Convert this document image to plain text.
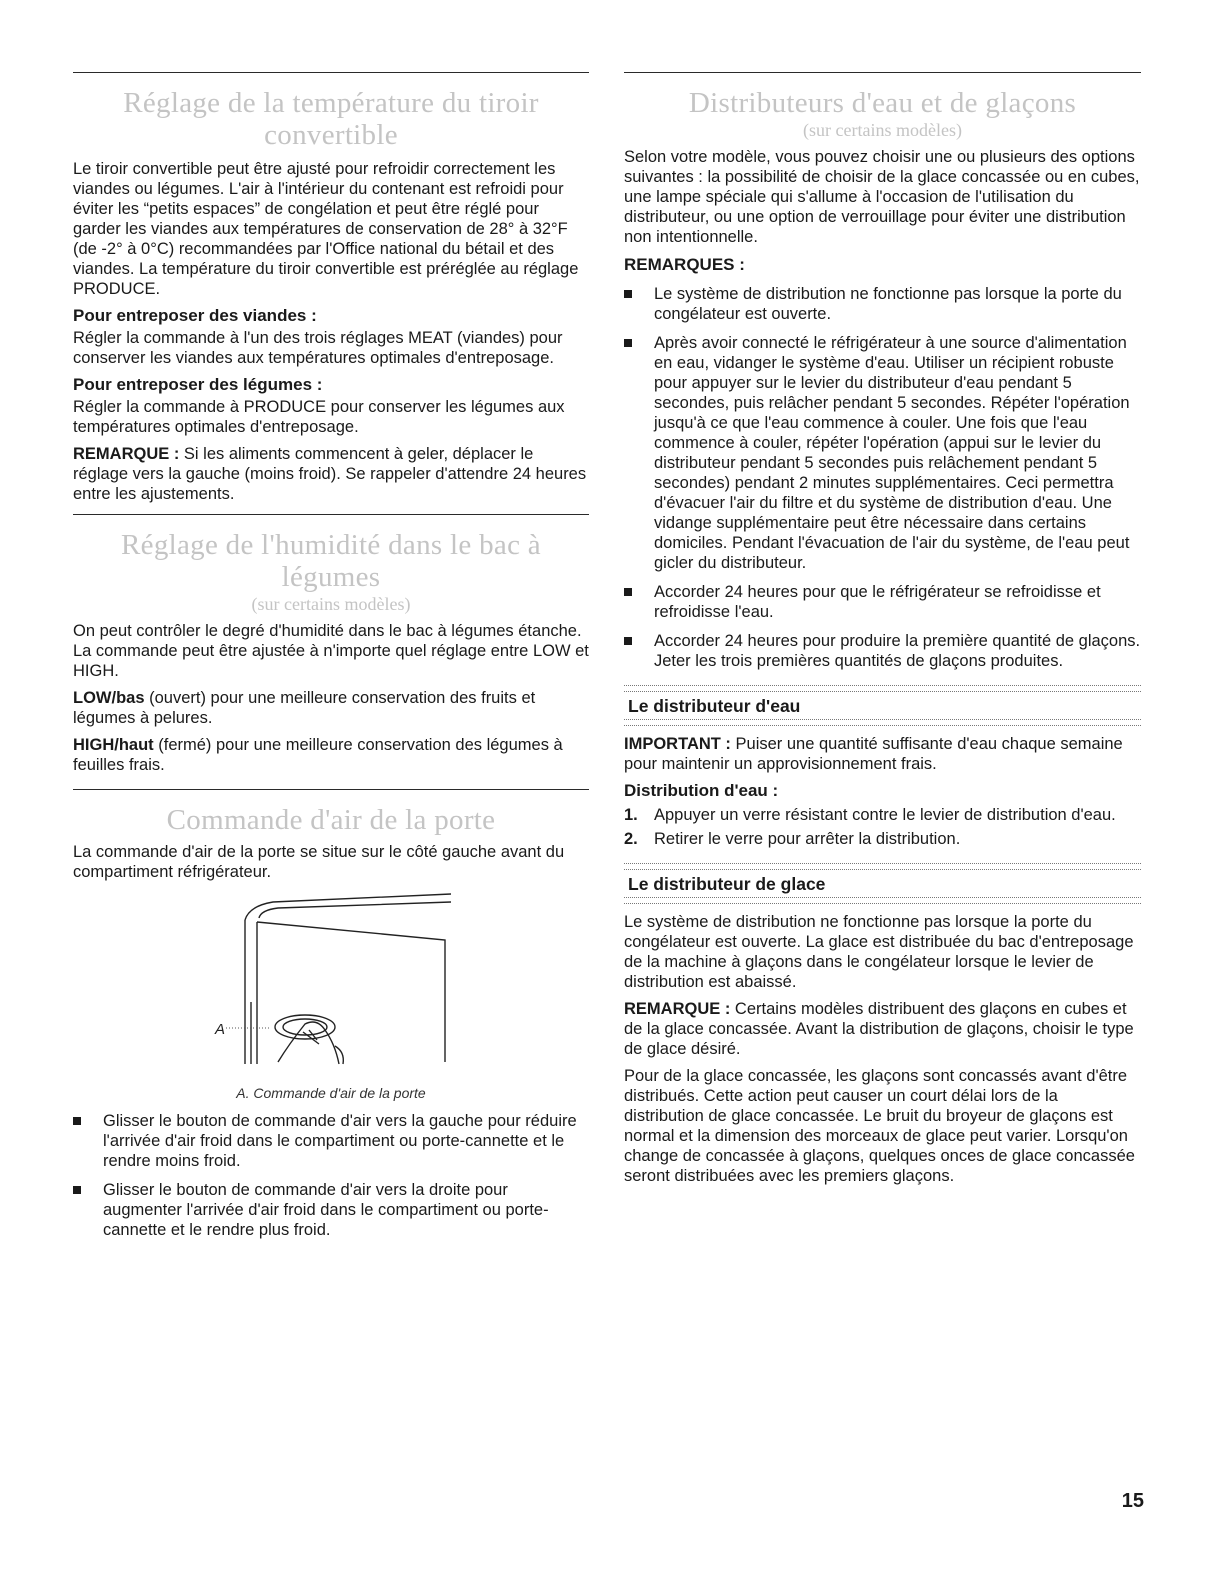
Réglage de la température du tiroir convertible

Le tiroir convertible peut être ajusté pour refroidir correctement les viandes ou légumes. L'air à l'intérieur du contenant est refroidi pour éviter les “petits espaces” de congélation et peut être réglé pour garder les viandes aux températures de conservation de 28° à 32°F (de -2° à 0°C) recommandées par l'Office national du bétail et des viandes. La température du tiroir convertible est préréglée au réglage PRODUCE.

Pour entreposer des viandes :

Régler la commande à l'un des trois réglages MEAT (viandes) pour conserver les viandes aux températures optimales d'entreposage.

Pour entreposer des légumes :

Régler la commande à PRODUCE pour conserver les légumes aux températures optimales d'entreposage.

REMARQUE : Si les aliments commencent à geler, déplacer le réglage vers la gauche (moins froid). Se rappeler d'attendre 24 heures entre les ajustements.

Réglage de l'humidité dans le bac à légumes
(sur certains modèles)

On peut contrôler le degré d'humidité dans le bac à légumes étanche. La commande peut être ajustée à n'importe quel réglage entre LOW et HIGH.

LOW/bas (ouvert) pour une meilleure conservation des fruits et légumes à pelures.

HIGH/haut (fermé) pour une meilleure conservation des légumes à feuilles frais.

Commande d'air de la porte

La commande d'air de la porte se situe sur le côté gauche avant du compartiment réfrigérateur.

A
A. Commande d'air de la porte
Glisser le bouton de commande d'air vers la gauche pour réduire l'arrivée d'air froid dans le compartiment ou porte-cannette et le rendre moins froid.
Glisser le bouton de commande d'air vers la droite pour augmenter l'arrivée d'air froid dans le compartiment ou porte-cannette et le rendre plus froid.
Distributeurs d'eau et de glaçons
(sur certains modèles)

Selon votre modèle, vous pouvez choisir une ou plusieurs des options suivantes : la possibilité de choisir de la glace concassée ou en cubes, une lampe spéciale qui s'allume à l'occasion de l'utilisation du distributeur, ou une option de verrouillage pour éviter une distribution non intentionnelle.

REMARQUES :
Le système de distribution ne fonctionne pas lorsque la porte du congélateur est ouverte.
Après avoir connecté le réfrigérateur à une source d'alimentation en eau, vidanger le système d'eau. Utiliser un récipient robuste pour appuyer sur le levier du distributeur d'eau pendant 5 secondes, puis relâcher pendant 5 secondes. Répéter l'opération jusqu'à ce que l'eau commence à couler. Une fois que l'eau commence à couler, répéter l'opération (appui sur le levier du distributeur pendant 5 secondes puis relâchement pendant 5 secondes) pendant 2 minutes supplémentaires. Ceci permettra d'évacuer l'air du filtre et du système de distribution d'eau. Une vidange supplémentaire peut être nécessaire dans certains domiciles. Pendant l'évacuation de l'air du système, de l'eau peut gicler du distributeur.
Accorder 24 heures pour que le réfrigérateur se refroidisse et refroidisse l'eau.
Accorder 24 heures pour produire la première quantité de glaçons. Jeter les trois premières quantités de glaçons produites.
Le distributeur d'eau

IMPORTANT : Puiser une quantité suffisante d'eau chaque semaine pour maintenir un approvisionnement frais.

Distribution d'eau :
1. Appuyer un verre résistant contre le levier de distribution d'eau.
2. Retirer le verre pour arrêter la distribution.
Le distributeur de glace

Le système de distribution ne fonctionne pas lorsque la porte du congélateur est ouverte. La glace est distribuée du bac d'entreposage de la machine à glaçons dans le congélateur lorsque le levier de distribution est abaissé.

REMARQUE : Certains modèles distribuent des glaçons en cubes et de la glace concassée. Avant la distribution de glaçons, choisir le type de glace désiré.

Pour de la glace concassée, les glaçons sont concassés avant d'être distribués. Cette action peut causer un court délai lors de la distribution de glace concassée. Le bruit du broyeur de glaçons est normal et la dimension des morceaux de glace peut varier. Lorsqu'on change de concassée à glaçons, quelques onces de glace concassée seront distribuées avec les premiers glaçons.

15
